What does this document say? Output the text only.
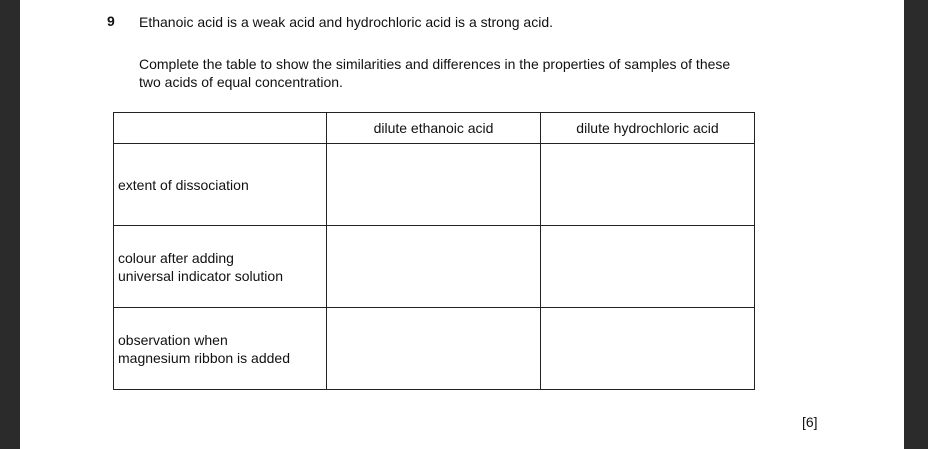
9 Ethanoic acid is a weak acid and hydrochloric acid is a strong acid.
Complete the table to show the similarities and differences in the properties of samples of these
two acids of equal concentration.
	dilute ethanoic acid	dilute hydrochloric acid

extent of dissociation		

colour after adding
universal indicator solution		

observation when
magnesium ribbon is added		

[6]
